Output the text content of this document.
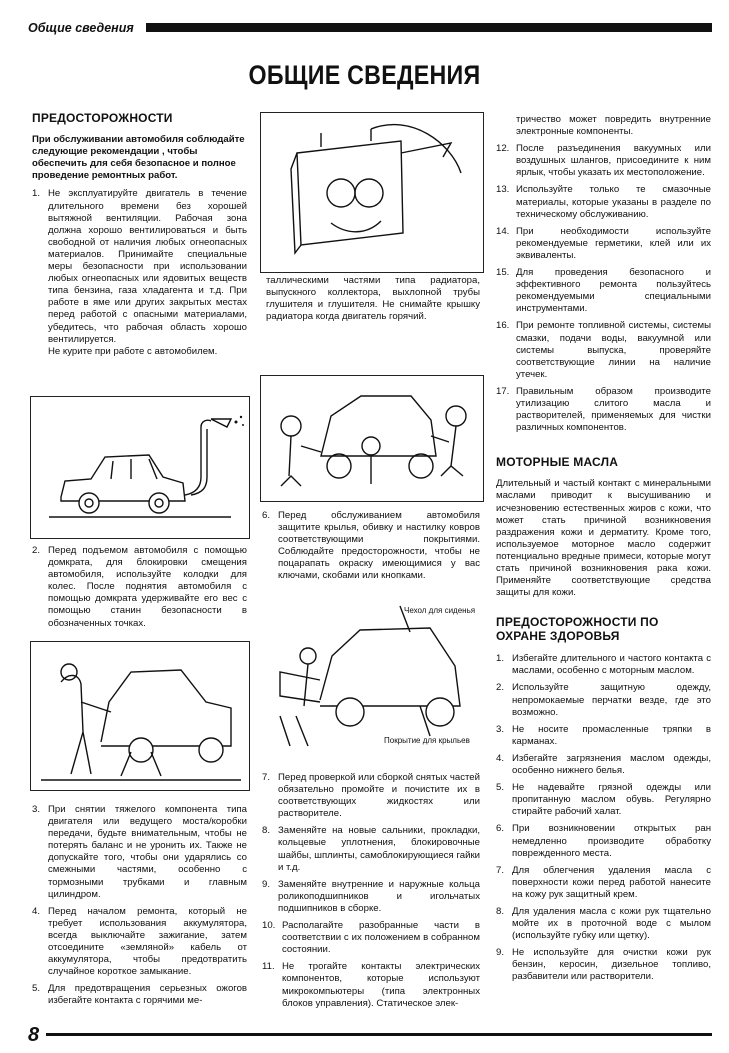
Общие сведения
ОБЩИЕ СВЕДЕНИЯ
ПРЕДОСТОРОЖНОСТИ

При обслуживании автомобиля соблюдайте следующие рекомендации , чтобы обеспечить для себя безопасное и полное проведение ремонтных работ.

1. Не эксплуатируйте двигатель в течение длительного времени без хорошей вытяжной вентиляции. Рабочая зона должна хорошо вентилироваться и быть свободной от наличия любых огнеопасных материалов. Принимайте специальные меры безопасности при использовании любых огнеопасных или ядовитых веществ типа бензина, газа хладагента и т.д. При работе в яме или других закрытых местах перед работой с опасными материалами, убедитесь, что рабочая область хорошо вентилируется.
Не курите при работе с автомобилем.
2. Перед подъемом автомобиля с помощью домкрата, для блокировки смещения автомобиля, используйте колодки для колес. После поднятия автомобиля с помощью домкрата удерживайте его вес с помощью станин безопасности в обозначенных точках.
3. При снятии тяжелого компонента типа двигателя или ведущего моста/коробки передачи, будьте внимательным, чтобы не потерять баланс и не уронить их. Также не допускайте того, чтобы они ударялись со смежными частями, особенно с тормозными трубками и главным цилиндром.
4. Перед началом ремонта, который не требует использования аккумулятора, всегда выключайте зажигание, затем отсоедините «земляной» кабель от аккумулятора, чтобы предотвратить случайное короткое замыкание.
5. Для предотвращения серьезных ожогов избегайте контакта с горячими ме-
Чехол для сиденья
Покрытие для крыльев

таллическими частями типа радиатора, выпускного коллектора, выхлопной трубы глушителя и глушителя. Не снимайте крышку радиатора когда двигатель горячий.

6. Перед обслуживанием автомобиля защитите крылья, обивку и настилку ковров соответствующими покрытиями. Соблюдайте предосторожности, чтобы не поцарапать окраску имеющимися у вас ключами, скобами или кнопками.
7. Перед проверкой или сборкой снятых частей обязательно промойте и почистите их в соответствующих жидкостях или растворителе.
8. Заменяйте на новые сальники, прокладки, кольцевые уплотнения, блокировочные шайбы, шплинты, самоблокирующиеся гайки и т.д.
9. Заменяйте внутренние и наружные кольца роликоподшипников и игольчатых подшипников в сборке.
10. Располагайте разобранные части в соответствии с их положением в собранном состоянии.
11. Не трогайте контакты электрических компонентов, которые используют микрокомпьютеры (типа электронных блоков управления). Статическое элек-

тричество может повредить внутренние электронные компоненты.

12. После разъединения вакуумных или воздушных шлангов, присоедините к ним ярлык, чтобы указать их местоположение.
13. Используйте только те смазочные материалы, которые указаны в разделе по техническому обслуживанию.
14. При необходимости используйте рекомендуемые герметики, клей или их эквиваленты.
15. Для проведения безопасного и эффективного ремонта пользуйтесь рекомендуемыми специальными инструментами.
16. При ремонте топливной системы, системы смазки, подачи воды, вакуумной или системы выпуска, проверяйте соответствующие линии на наличие утечек.
17. Правильным образом производите утилизацию слитого масла и растворителей, применяемых для чистки различных компонентов.
МОТОРНЫЕ МАСЛА

Длительный и частый контакт с минеральными маслами приводит к высушиванию и исчезновению естественных жиров с кожи, что может стать причиной возникновения раздражения кожи и дерматиту. Кроме того, используемое моторное масло содержит потенциально вредные примеси, которые могут стать причиной возникновения рака кожи. Применяйте соответствующие средства защиты для кожи.

ПРЕДОСТОРОЖНОСТИ ПО ОХРАНЕ ЗДОРОВЬЯ
1. Избегайте длительного и частого контакта с маслами, особенно с моторным маслом.
2. Используйте защитную одежду, непромокаемые перчатки везде, где это возможно.
3. Не носите промасленные тряпки в карманах.
4. Избегайте загрязнения маслом одежды, особенно нижнего белья.
5. Не надевайте грязной одежды или пропитанную маслом обувь. Регулярно стирайте рабочий халат.
6. При возникновении открытых ран немедленно производите обработку поврежденного места.
7. Для облегчения удаления масла с поверхности кожи перед работой нанесите на кожу рук защитный крем.
8. Для удаления масла с кожи рук тщательно мойте их в проточной воде с мылом (используйте губку или щетку).
9. Не используйте для очистки кожи рук бензин, керосин, дизельное топливо, разбавители или растворители.
8
